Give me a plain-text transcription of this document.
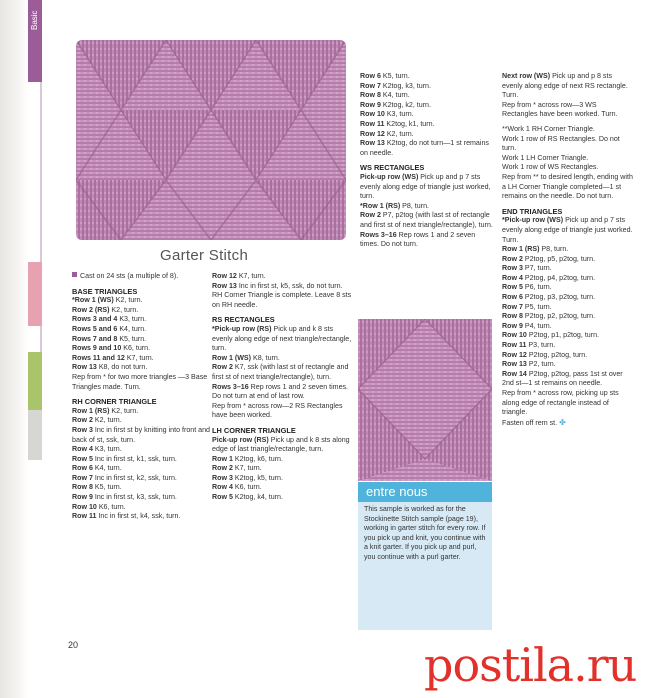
Basic
Garter Stitch

Cast on 24 sts (a multiple of 8).

BASE TRIANGLES

*Row 1 (WS) K2, turn.

Row 2 (RS) K2, turn.

Rows 3 and 4 K3, turn.

Rows 5 and 6 K4, turn.

Rows 7 and 8 K5, turn.

Rows 9 and 10 K6, turn.

Rows 11 and 12 K7, turn.

Row 13 K8, do not turn.

Rep from * for two more triangles —3 Base Triangles made. Turn.

RH CORNER TRIANGLE

Row 1 (RS) K2, turn.

Row 2 K2, turn.

Row 3 Inc in first st by knitting into front and back of st, ssk, turn.

Row 4 K3, turn.

Row 5 Inc in first st, k1, ssk, turn.

Row 6 K4, turn.

Row 7 Inc in first st, k2, ssk, turn.

Row 8 K5, turn.

Row 9 Inc in first st, k3, ssk, turn.

Row 10 K6, turn.

Row 11 Inc in first st, k4, ssk, turn.

Row 12 K7, turn.

Row 13 Inc in first st, k5, ssk, do not turn.

RH Corner Triangle is complete. Leave 8 sts on RH needle.

RS RECTANGLES

*Pick-up row (RS) Pick up and k 8 sts evenly along edge of next triangle/rectangle, turn.

Row 1 (WS) K8, turn.

Row 2 K7, ssk (with last st of rectangle and first st of next triangle/rectangle), turn.

Rows 3–16 Rep rows 1 and 2 seven times. Do not turn at end of last row.

Rep from * across row—2 RS Rectangles have been worked.

LH CORNER TRIANGLE

Pick-up row (RS) Pick up and k 8 sts along edge of last triangle/rectangle, turn.

Row 1 K2tog, k6, turn.

Row 2 K7, turn.

Row 3 K2tog, k5, turn.

Row 4 K6, turn.

Row 5 K2tog, k4, turn.

Row 6 K5, turn.

Row 7 K2tog, k3, turn.

Row 8 K4, turn.

Row 9 K2tog, k2, turn.

Row 10 K3, turn.

Row 11 K2tog, k1, turn.

Row 12 K2, turn.

Row 13 K2tog, do not turn—1 st remains on needle.

WS RECTANGLES

Pick-up row (WS) Pick up and p 7 sts evenly along edge of triangle just worked, turn.

*Row 1 (RS) P8, turn.

Row 2 P7, p2tog (with last st of rectangle and first st of next triangle/rectangle), turn.

Rows 3–16 Rep rows 1 and 2 seven times. Do not turn.

entre nous
This sample is worked as for the Stockinette Stitch sample (page 19), working in garter stitch for every row. If you pick up and knit, you continue with a knit garter. If you pick up and purl, you continue with a purl garter.

Next row (WS) Pick up and p 8 sts evenly along edge of next RS rectangle. Turn.

Rep from * across row—3 WS Rectangles have been worked. Turn.

**Work 1 RH Corner Triangle.

Work 1 row of RS Rectangles. Do not turn.

Work 1 LH Corner Triangle.

Work 1 row of WS Rectangles.

Rep from ** to desired length, ending with a LH Corner Triangle completed—1 st remains on the needle. Do not turn.

END TRIANGLES

*Pick-up row (WS) Pick up and p 7 sts evenly along edge of triangle just worked. Turn.

Row 1 (RS) P8, turn.

Row 2 P2tog, p5, p2tog, turn.

Row 3 P7, turn.

Row 4 P2tog, p4, p2tog, turn.

Row 5 P6, turn.

Row 6 P2tog, p3, p2tog, turn.

Row 7 P5, turn.

Row 8 P2tog, p2, p2tog, turn.

Row 9 P4, turn.

Row 10 P2tog, p1, p2tog, turn.

Row 11 P3, turn.

Row 12 P2tog, p2tog, turn.

Row 13 P2, turn.

Row 14 P2tog, p2tog, pass 1st st over 2nd st—1 st remains on needle.

Rep from * across row, picking up sts along edge of rectangle instead of triangle.

Fasten off rem st. ✤

20	postila.ru
